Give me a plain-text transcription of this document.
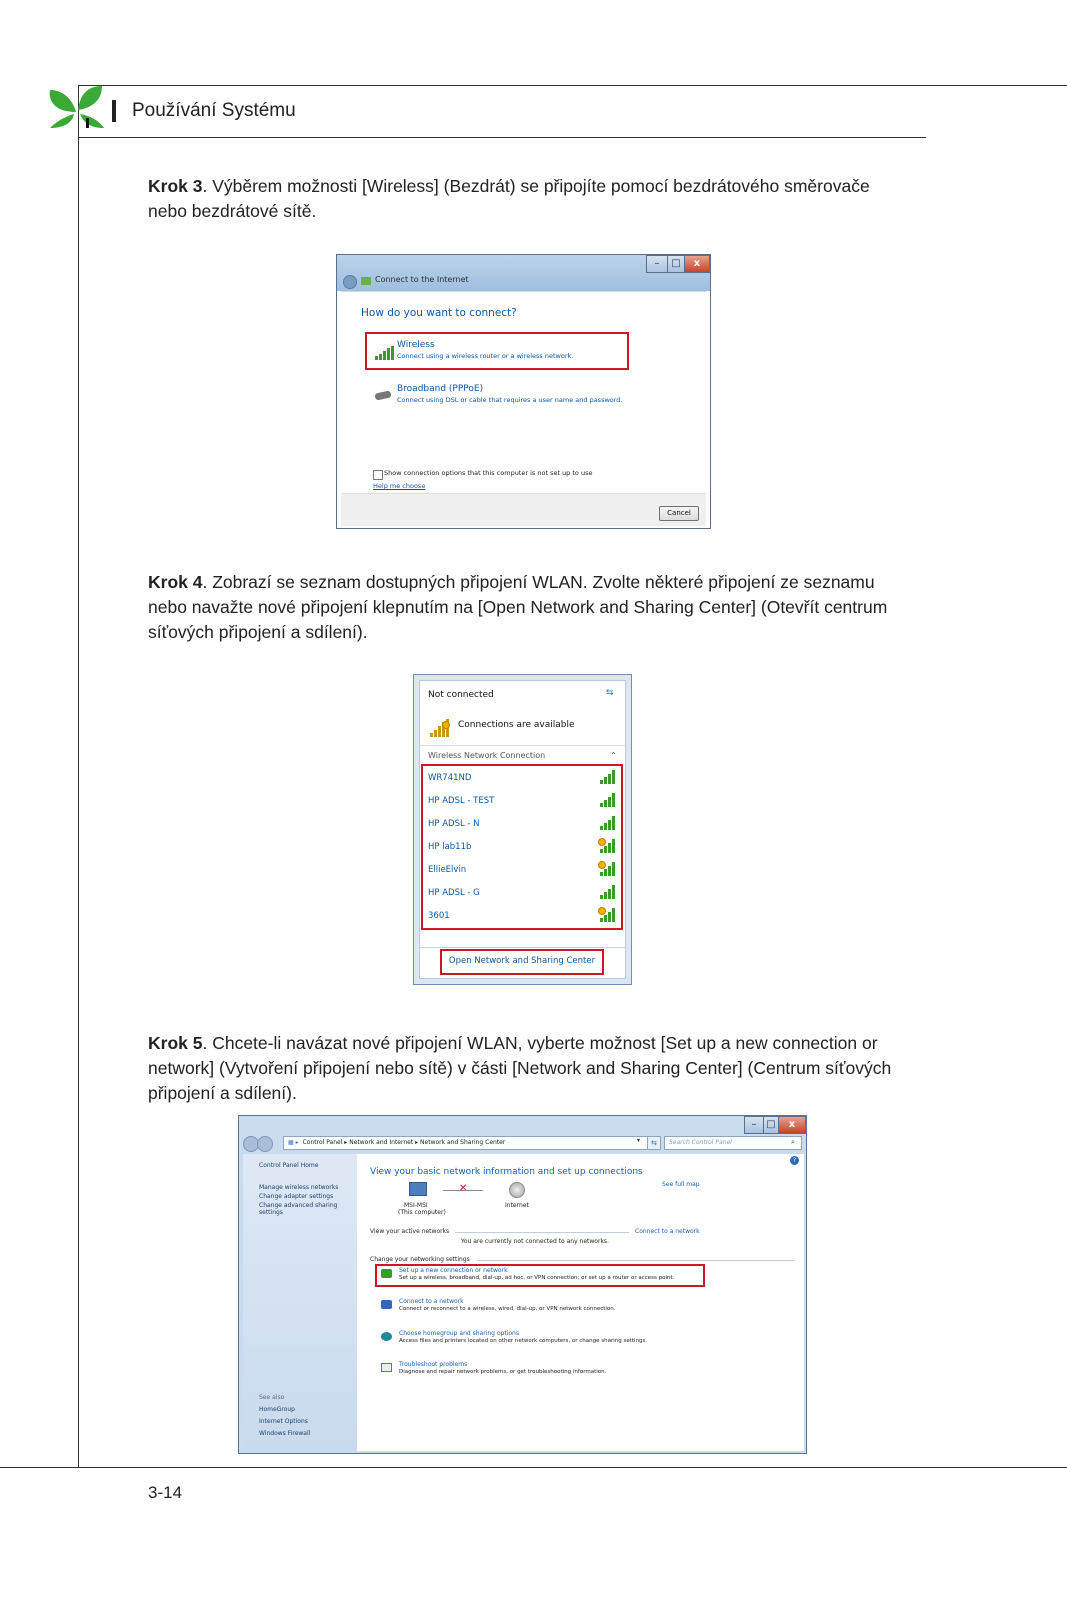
Používání Systému
Krok 3. Výběrem možnosti [Wireless] (Bezdrát) se připojíte pomocí bezdrátového směrovače nebo bezdrátové sítě.
–	□	x
Connect to the Internet
How do you want to connect?
Wireless
Connect using a wireless router or a wireless network.
Broadband (PPPoE)
Connect using DSL or cable that requires a user name and password.
Show connection options that this computer is not set up to use
Help me choose
Cancel
Krok 4. Zobrazí se seznam dostupných připojení WLAN. Zvolte některé připojení ze seznamu nebo navažte nové připojení klepnutím na [Open Network and Sharing Center] (Otevřít centrum síťových připojení a sdílení).
Not connected	⇆
Connections are available
Wireless Network Connection	⌃
WR741ND
HP ADSL - TEST
HP ADSL - N
HP lab11b
EllieElvin
HP ADSL - G
3601
Open Network and Sharing Center
Krok 5. Chcete-li navázat nové připojení WLAN, vyberte možnost [Set up a new connection or network] (Vytvoření připojení nebo sítě) v části [Network and Sharing Center] (Centrum síťových připojení a sdílení).
– □	x
▦ ▸ Control Panel ▸ Network and Internet ▸ Network and Sharing Center	▾	⇆	Search Control Panel	⌕
Control Panel Home
Manage wireless networks
Change adapter settings
Change advanced sharing settings
See also
HomeGroup
Internet Options
Windows Firewall
?
View your basic network information and set up connections
See full map
✕
MSI-MSI
(This computer)
Internet
View your active networks	Connect to a network
You are currently not connected to any networks.
Change your networking settings
Set up a new connection or network
Set up a wireless, broadband, dial-up, ad hoc, or VPN connection; or set up a router or access point.
Connect to a network
Connect or reconnect to a wireless, wired, dial-up, or VPN network connection.
Choose homegroup and sharing options
Access files and printers located on other network computers, or change sharing settings.
Troubleshoot problems
Diagnose and repair network problems, or get troubleshooting information.
3-14
